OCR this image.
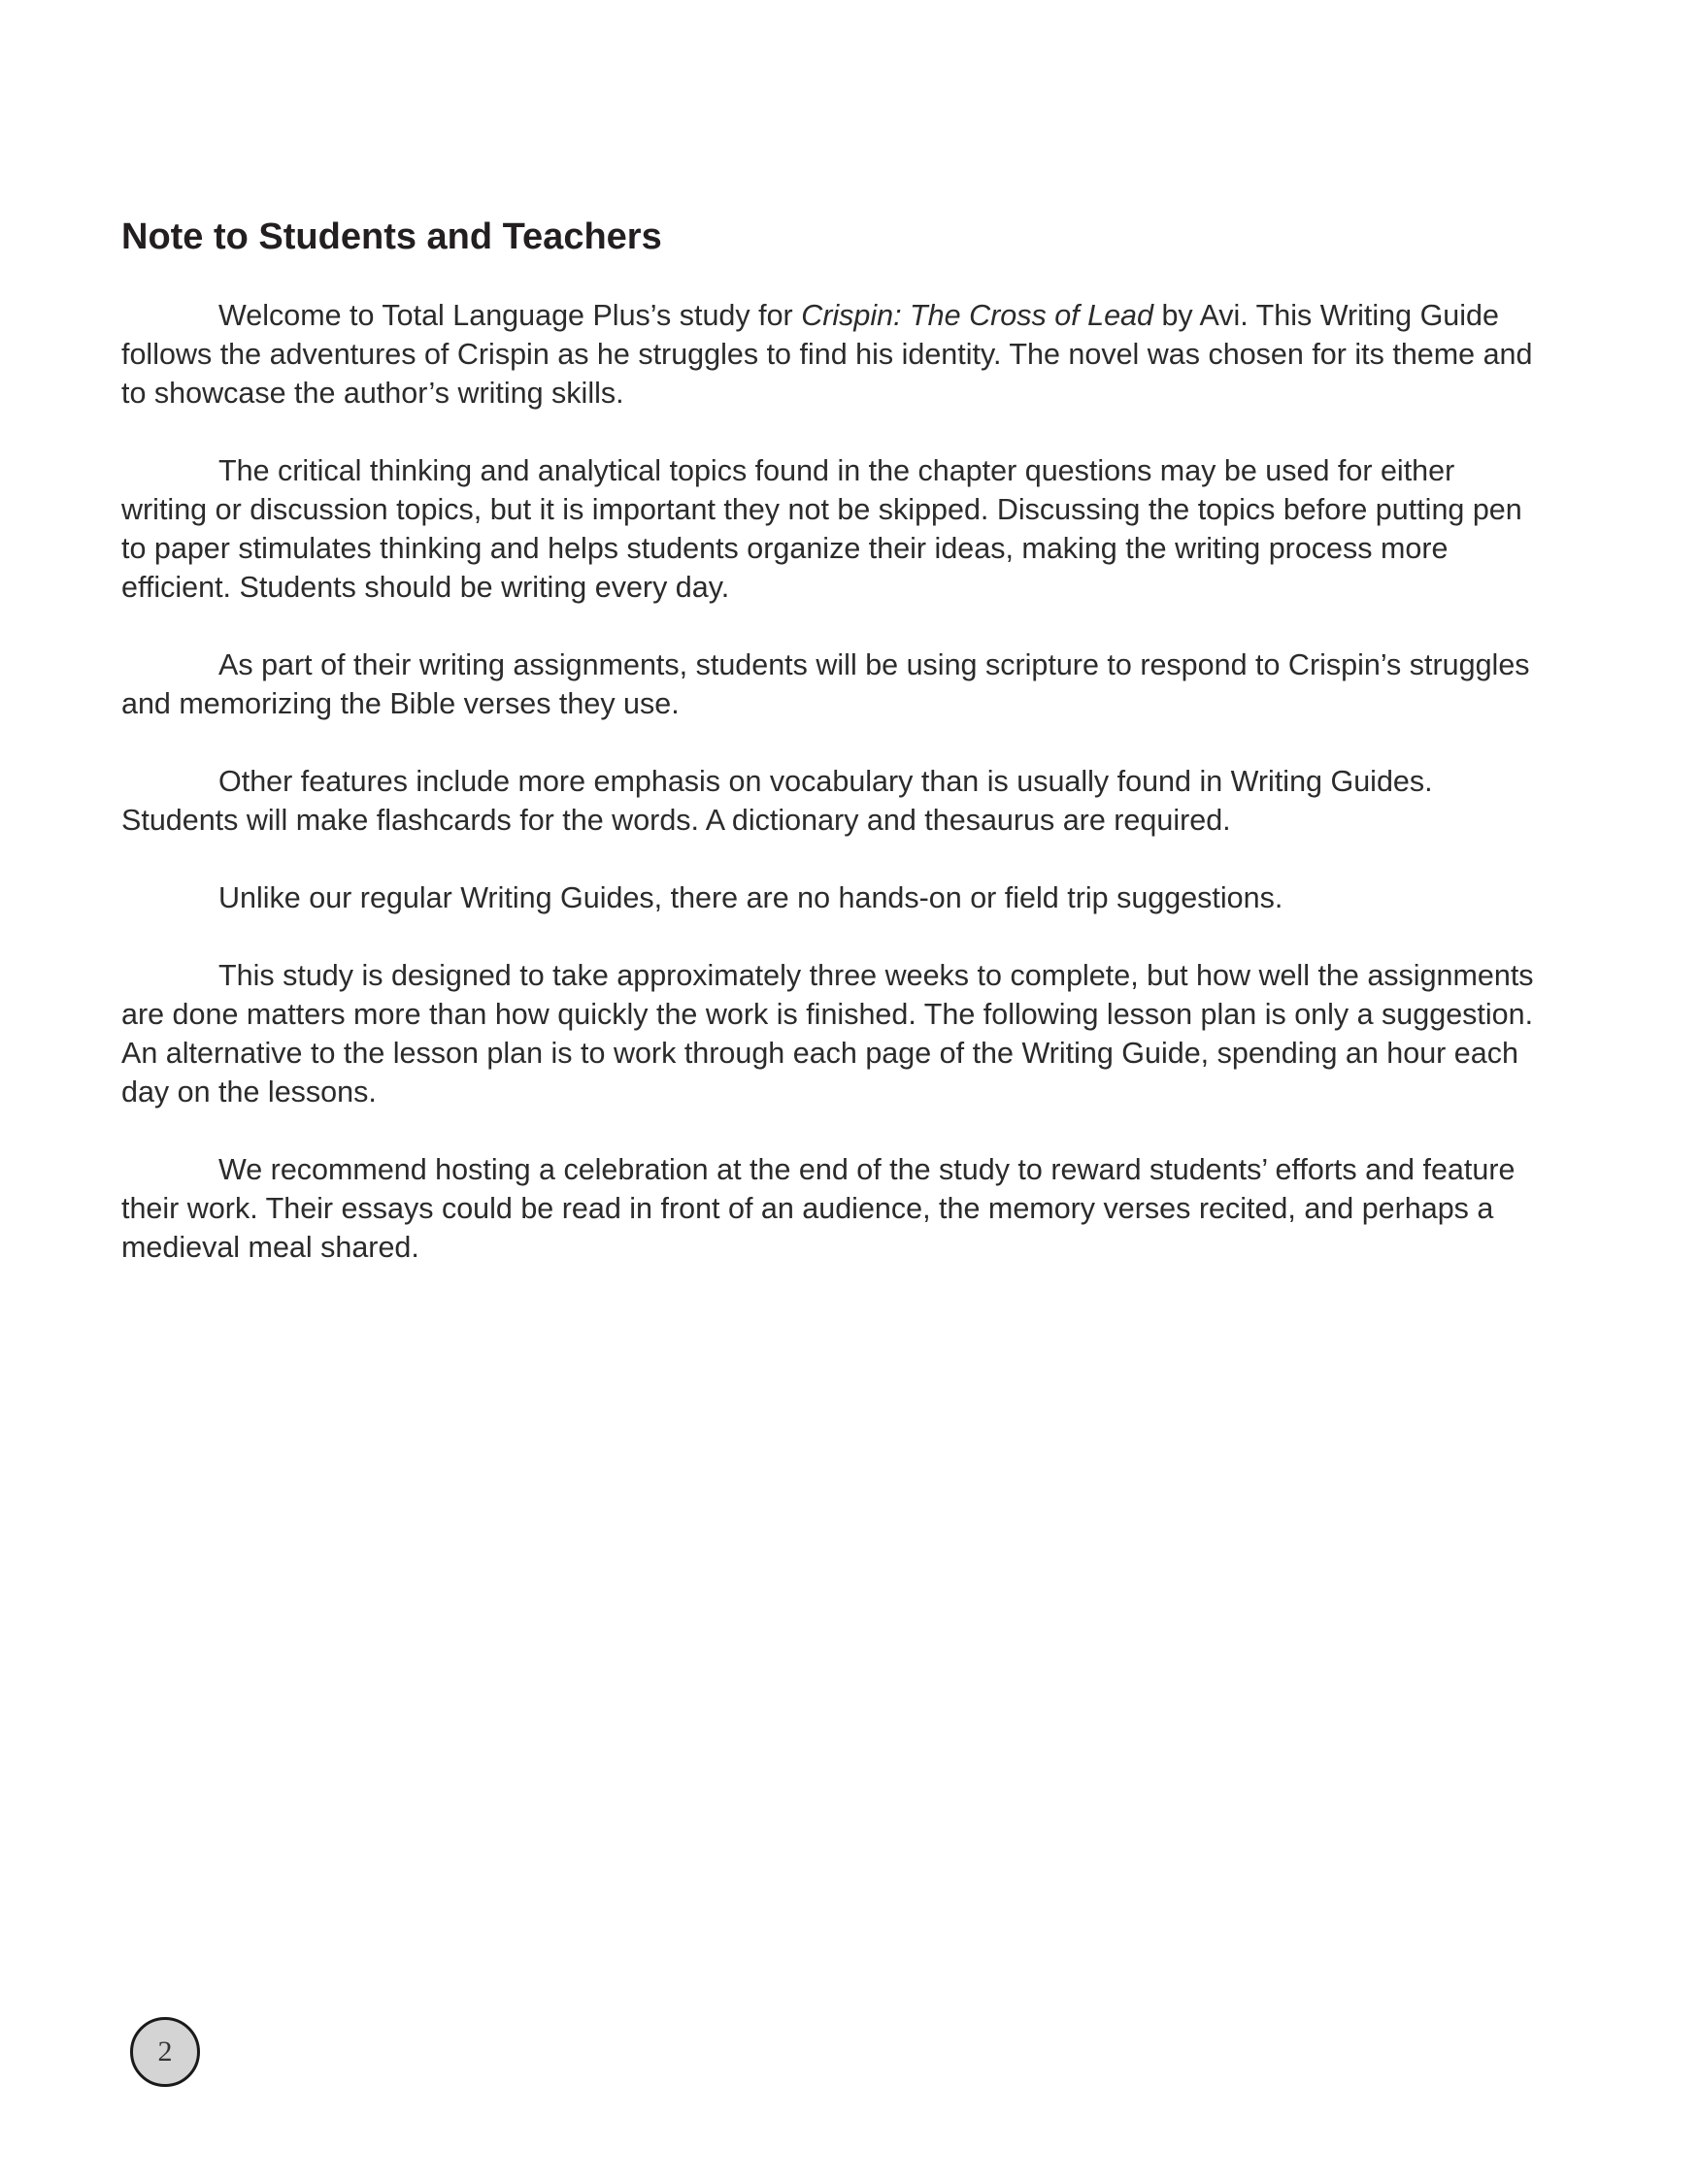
Note to Students and Teachers

Welcome to Total Language Plus’s study for Crispin: The Cross of Lead by Avi. This Writing Guide follows the adventures of Crispin as he struggles to find his identity. The novel was chosen for its theme and to showcase the author’s writing skills.

The critical thinking and analytical topics found in the chapter questions may be used for either writing or discussion topics, but it is important they not be skipped. Discussing the topics before putting pen to paper stimulates thinking and helps students organize their ideas, making the writing process more efficient. Students should be writing every day.

As part of their writing assignments, students will be using scripture to respond to Crispin’s struggles and memorizing the Bible verses they use.

Other features include more emphasis on vocabulary than is usually found in Writing Guides. Students will make flashcards for the words. A dictionary and thesaurus are required.

Unlike our regular Writing Guides, there are no hands-on or field trip suggestions.

This study is designed to take approximately three weeks to complete, but how well the assignments are done matters more than how quickly the work is finished. The following lesson plan is only a suggestion. An alternative to the lesson plan is to work through each page of the Writing Guide, spending an hour each day on the lessons.

We recommend hosting a celebration at the end of the study to reward students’ efforts and feature their work. Their essays could be read in front of an audience, the memory verses recited, and perhaps a medieval meal shared.

2
